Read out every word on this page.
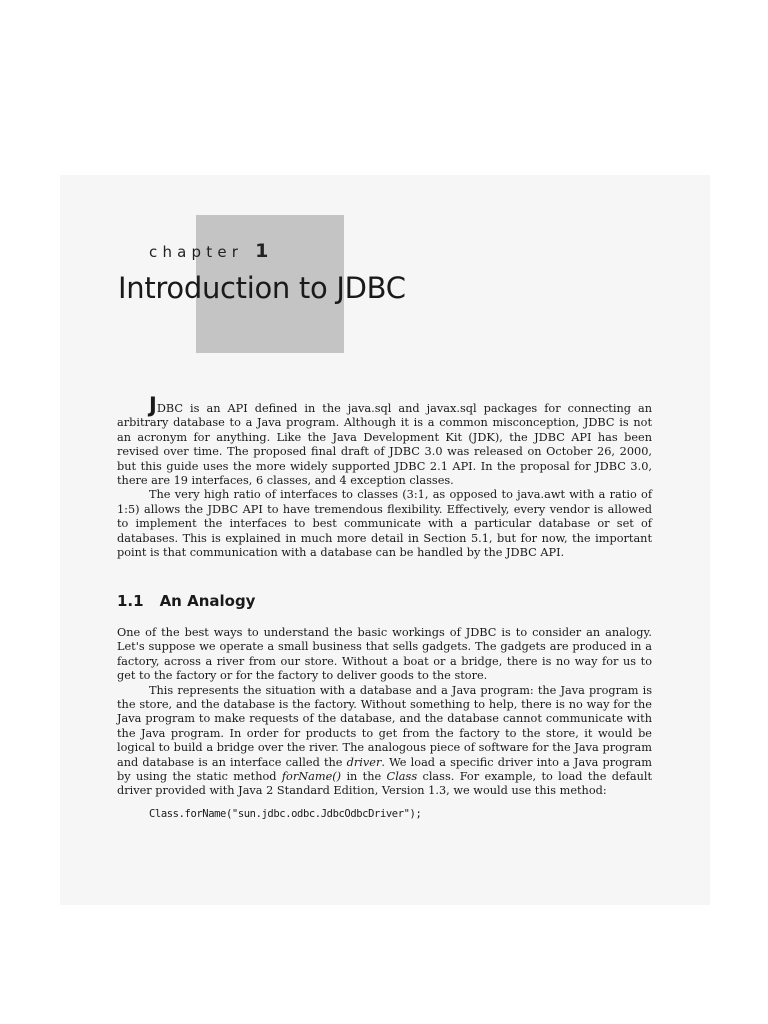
chapter 1
Introduction to JDBC

JDBC is an API defined in the java.sql and javax.sql packages for connecting an arbitrary database to a Java program. Although it is a common misconception, JDBC is not an acronym for anything. Like the Java Development Kit (JDK), the JDBC API has been revised over time. The proposed final draft of JDBC 3.0 was released on October 26, 2000, but this guide uses the more widely supported JDBC 2.1 API. In the proposal for JDBC 3.0, there are 19 interfaces, 6 classes, and 4 exception classes.

The very high ratio of interfaces to classes (3:1, as opposed to java.awt with a ratio of 1:5) allows the JDBC API to have tremendous flexibility. Effectively, every vendor is allowed to implement the interfaces to best communicate with a particular database or set of databases. This is explained in much more detail in Section 5.1, but for now, the important point is that communication with a database can be handled by the JDBC API.

1.1 An Analogy

One of the best ways to understand the basic workings of JDBC is to consider an analogy. Let's suppose we operate a small business that sells gadgets. The gadgets are produced in a factory, across a river from our store. Without a boat or a bridge, there is no way for us to get to the factory or for the factory to deliver goods to the store.

This represents the situation with a database and a Java program: the Java program is the store, and the database is the factory. Without something to help, there is no way for the Java program to make requests of the database, and the database cannot communicate with the Java program. In order for products to get from the factory to the store, it would be logical to build a bridge over the river. The analogous piece of software for the Java program and database is an interface called the driver. We load a specific driver into a Java program by using the static method forName() in the Class class. For example, to load the default driver provided with Java 2 Standard Edition, Version 1.3, we would use this method:

Class.forName("sun.jdbc.odbc.JdbcOdbcDriver");
